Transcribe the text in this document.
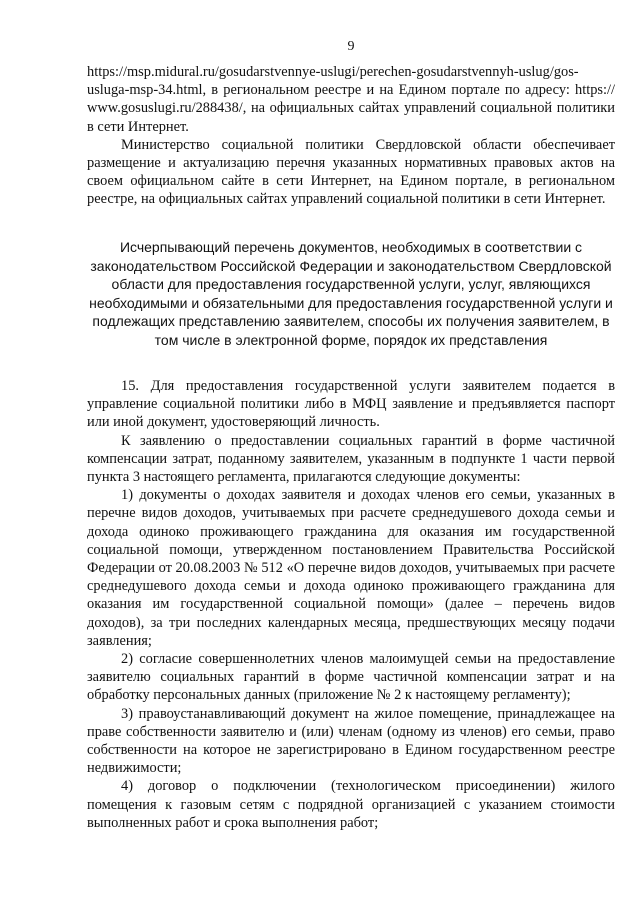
9

https://msp.midural.ru/gosudarstvennye-uslugi/perechen-gosudarstvennyh-uslug/gos-usluga-msp-34.html, в региональном реестре и на Едином портале по адресу: https:// www.gosuslugi.ru/288438/, на официальных сайтах управлений социальной политики в сети Интернет.

Министерство социальной политики Свердловской области обеспечивает размещение и актуализацию перечня указанных нормативных правовых актов на своем официальном сайте в сети Интернет, на Едином портале, в региональном реестре, на официальных сайтах управлений социальной политики в сети Интернет.

Исчерпывающий перечень документов, необходимых в соответствии с законодательством Российской Федерации и законодательством Свердловской области для предоставления государственной услуги, услуг, являющихся необходимыми и обязательными для предоставления государственной услуги и подлежащих представлению заявителем, способы их получения заявителем, в том числе в электронной форме, порядок их представления

15. Для предоставления государственной услуги заявителем подается в управление социальной политики либо в МФЦ заявление и предъявляется паспорт или иной документ, удостоверяющий личность.

К заявлению о предоставлении социальных гарантий в форме частичной компенсации затрат, поданному заявителем, указанным в подпункте 1 части первой пункта 3 настоящего регламента, прилагаются следующие документы:

1) документы о доходах заявителя и доходах членов его семьи, указанных в перечне видов доходов, учитываемых при расчете среднедушевого дохода семьи и дохода одиноко проживающего гражданина для оказания им государственной социальной помощи, утвержденном постановлением Правительства Российской Федерации от 20.08.2003 № 512 «О перечне видов доходов, учитываемых при расчете среднедушевого дохода семьи и дохода одиноко проживающего гражданина для оказания им государственной социальной помощи» (далее – перечень видов доходов), за три последних календарных месяца, предшествующих месяцу подачи заявления;

2) согласие совершеннолетних членов малоимущей семьи на предоставление заявителю социальных гарантий в форме частичной компенсации затрат и на обработку персональных данных (приложение № 2 к настоящему регламенту);

3) правоустанавливающий документ на жилое помещение, принадлежащее на праве собственности заявителю и (или) членам (одному из членов) его семьи, право собственности на которое не зарегистрировано в Едином государственном реестре недвижимости;

4) договор о подключении (технологическом присоединении) жилого помещения к газовым сетям с подрядной организацией с указанием стоимости выполненных работ и срока выполнения работ;
